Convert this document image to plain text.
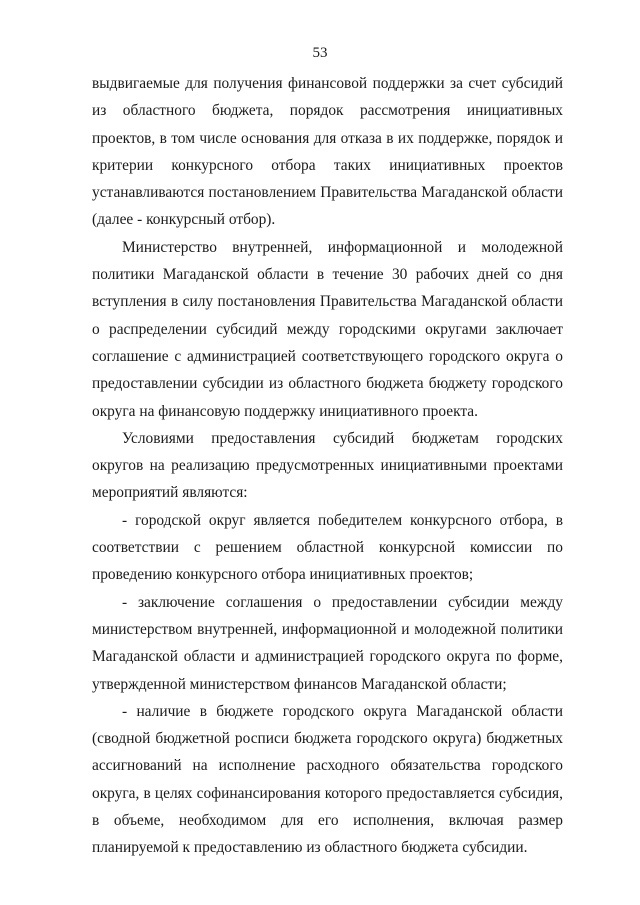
53

выдвигаемые для получения финансовой поддержки за счет субсидий из областного бюджета, порядок рассмотрения инициативных проектов, в том числе основания для отказа в их поддержке, порядок и критерии конкурсного отбора таких инициативных проектов устанавливаются постановлением Правительства Магаданской области (далее - конкурсный отбор).

Министерство внутренней, информационной и молодежной политики Магаданской области в течение 30 рабочих дней со дня вступления в силу постановления Правительства Магаданской области о распределении субсидий между городскими округами заключает соглашение с администрацией соответствующего городского округа о предоставлении субсидии из областного бюджета бюджету городского округа на финансовую поддержку инициативного проекта.

Условиями предоставления субсидий бюджетам городских округов на реализацию предусмотренных инициативными проектами мероприятий являются:

- городской округ является победителем конкурсного отбора, в соответствии с решением областной конкурсной комиссии по проведению конкурсного отбора инициативных проектов;

- заключение соглашения о предоставлении субсидии между министерством внутренней, информационной и молодежной политики Магаданской области и администрацией городского округа по форме, утвержденной министерством финансов Магаданской области;

- наличие в бюджете городского округа Магаданской области (сводной бюджетной росписи бюджета городского округа) бюджетных ассигнований на исполнение расходного обязательства городского округа, в целях софинансирования которого предоставляется субсидия, в объеме, необходимом для его исполнения, включая размер планируемой к предоставлению из областного бюджета субсидии.
